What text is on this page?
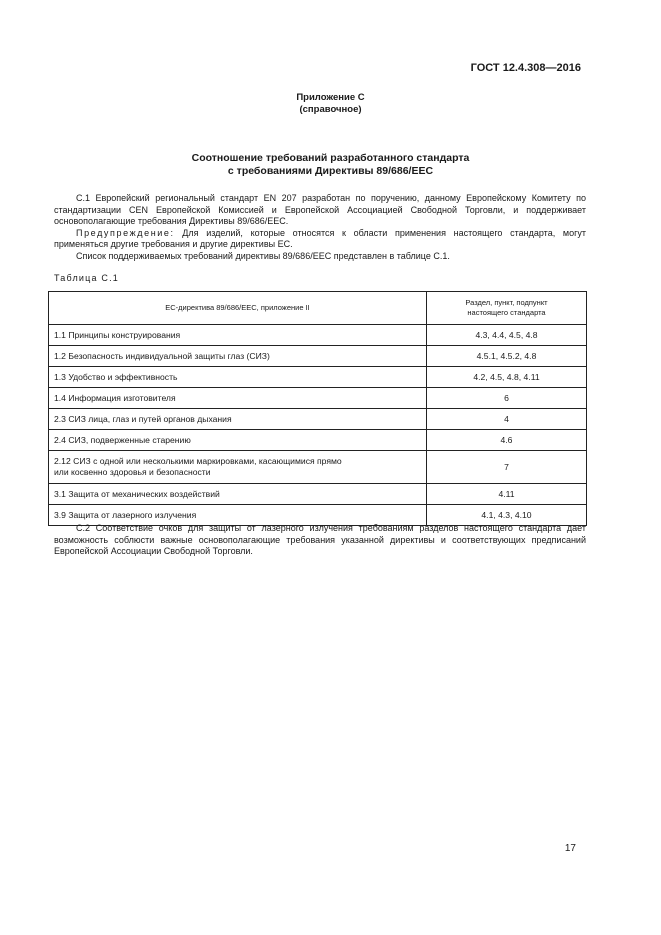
ГОСТ 12.4.308—2016
Приложение С
(справочное)
Соотношение требований разработанного стандарта
с требованиями Директивы 89/686/ЕЕС

С.1 Европейский региональный стандарт EN 207 разработан по поручению, данному Европейскому Комитету по стандартизации CEN Европейской Комиссией и Европейской Ассоциацией Свободной Торговли, и поддерживает основополагающие требования Директивы 89/686/ЕЕС.

Предупреждение: Для изделий, которые относятся к области применения настоящего стандарта, могут применяться другие требования и другие директивы ЕС.

Список поддерживаемых требований директивы 89/686/ЕЕС представлен в таблице С.1.

Таблица С.1
ЕС-директива 89/686/ЕЕС, приложение II	Раздел, пункт, подпункт
настоящего стандарта

1.1 Принципы конструирования	4.3, 4.4, 4.5, 4.8
1.2 Безопасность индивидуальной защиты глаз (СИЗ)	4.5.1, 4.5.2, 4.8
1.3 Удобство и эффективность	4.2, 4.5, 4.8, 4.11
1.4 Информация изготовителя	6
2.3 СИЗ лица, глаз и путей органов дыхания	4
2.4 СИЗ, подверженные старению	4.6

2.12 СИЗ с одной или несколькими маркировками, касающимися прямо
или косвенно здоровья и безопасности	7
3.1 Защита от механических воздействий	4.11
3.9 Защита от лазерного излучения	4.1, 4.3, 4.10

С.2 Соответствие очков для защиты от лазерного излучения требованиям разделов настоящего стандарта дает возможность соблюсти важные основополагающие требования указанной директивы и соответствующих предписаний Европейской Ассоциации Свободной Торговли.

17
